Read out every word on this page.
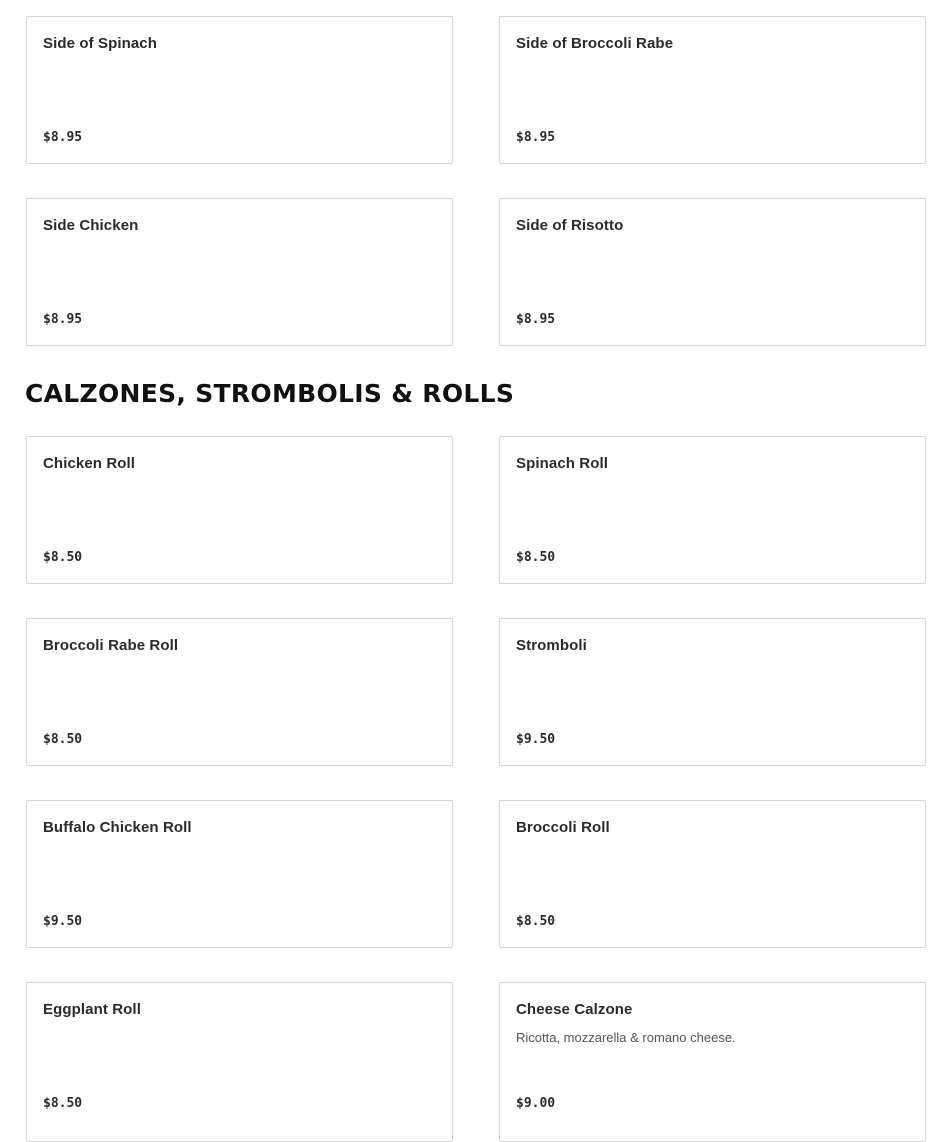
Side of Spinach
$8.95
Side of Broccoli Rabe
$8.95
Side Chicken
$8.95
Side of Risotto
$8.95
CALZONES, STROMBOLIS & ROLLS
Chicken Roll
$8.50
Spinach Roll
$8.50
Broccoli Rabe Roll
$8.50
Stromboli
$9.50
Buffalo Chicken Roll
$9.50
Broccoli Roll
$8.50
Eggplant Roll
$8.50
Cheese Calzone
Ricotta, mozzarella & romano cheese.
$9.00
